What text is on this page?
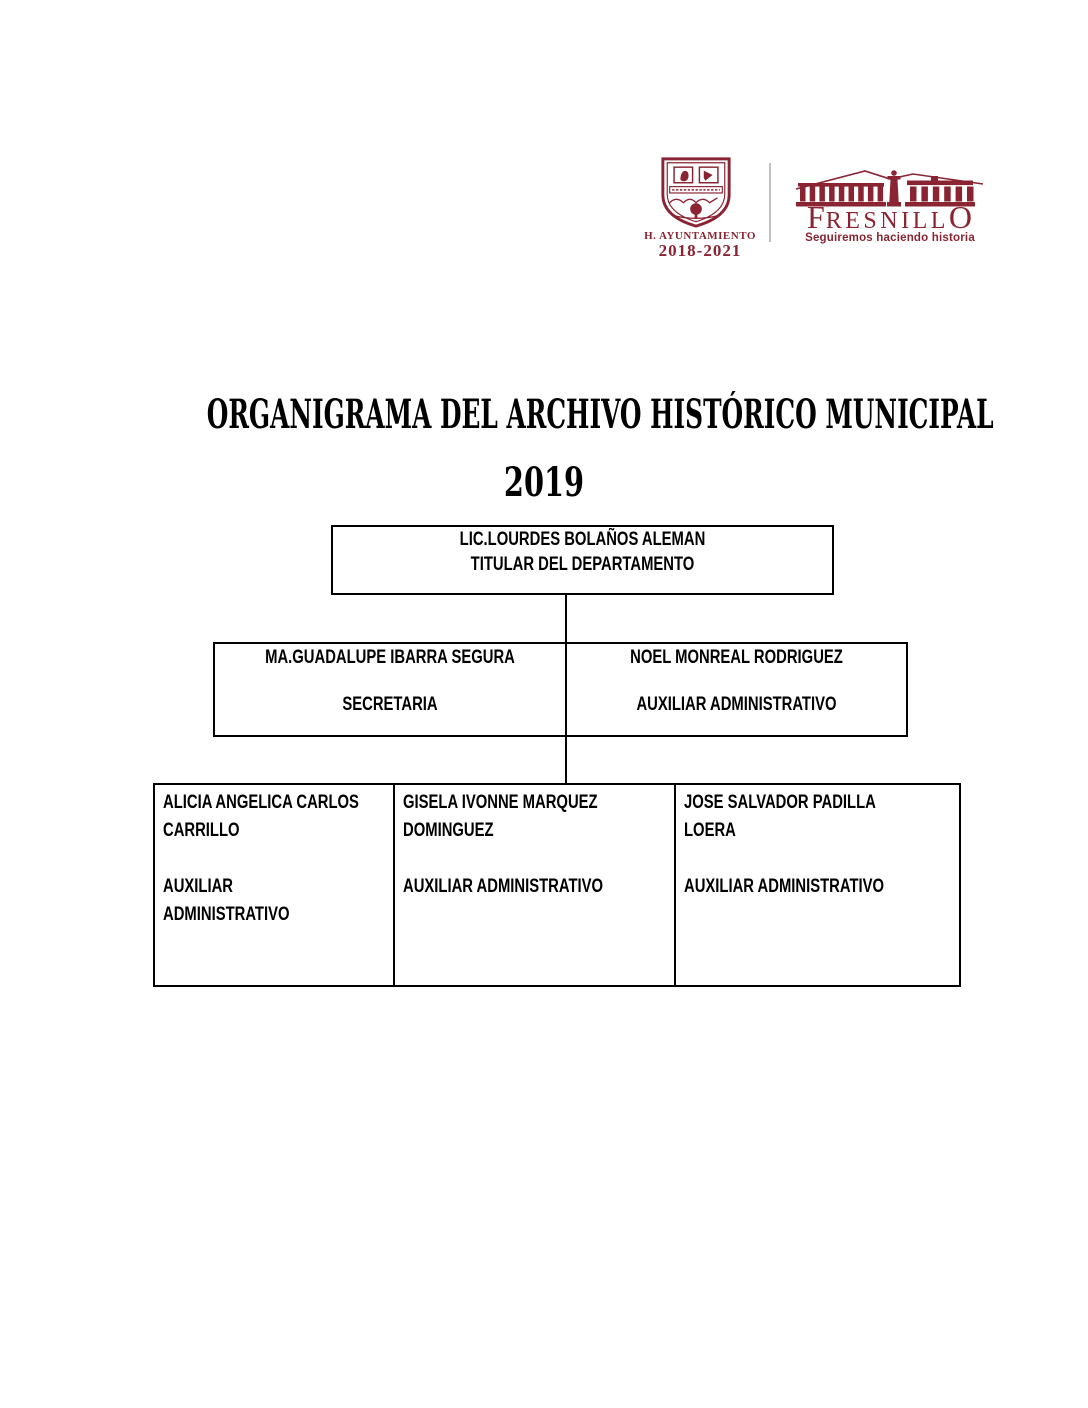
H. AYUNTAMIENTO
2018-2021
FRESNILLO
Seguiremos haciendo historia
ORGANIGRAMA DEL ARCHIVO HISTÓRICO MUNICIPAL
2019
LIC.LOURDES BOLAÑOS ALEMAN
TITULAR DEL DEPARTAMENTO
MA.GUADALUPE IBARRA SEGURA
SECRETARIA
NOEL MONREAL RODRIGUEZ
AUXILIAR ADMINISTRATIVO
ALICIA ANGELICA CARLOS
CARRILLO
AUXILIAR
ADMINISTRATIVO
GISELA IVONNE MARQUEZ
DOMINGUEZ
AUXILIAR ADMINISTRATIVO
JOSE SALVADOR PADILLA
LOERA
AUXILIAR ADMINISTRATIVO
